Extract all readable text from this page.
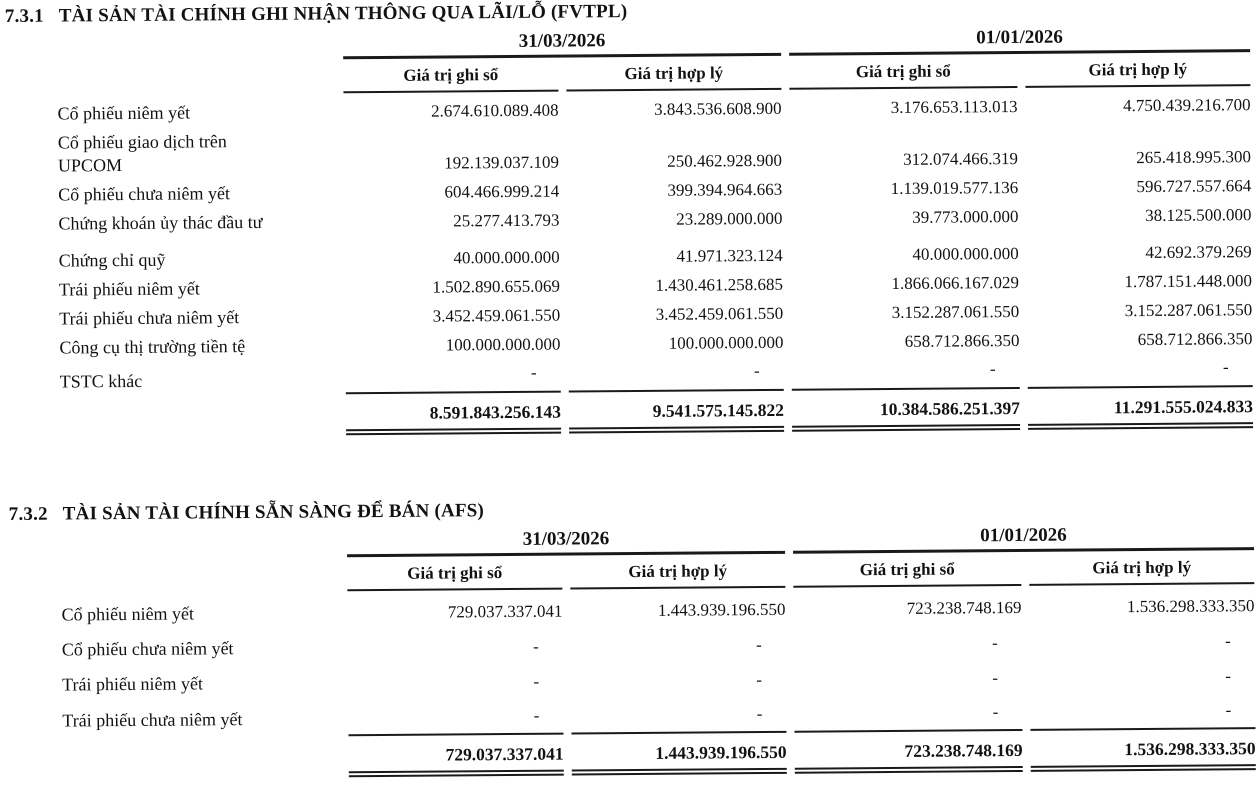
7.3.1 TÀI SẢN TÀI CHÍNH GHI NHẬN THÔNG QUA LÃI/LỖ (FVTPL)
31/03/2026	01/01/2026
Giá trị ghi sổ	Giá trị hợp lý	Giá trị ghi sổ	Giá trị hợp lý
Cổ phiếu niêm yết	2.674.610.089.408	3.843.536.608.900	3.176.653.113.013	4.750.439.216.700
Cổ phiếu giao dịch trên UPCOM	192.139.037.109	250.462.928.900	312.074.466.319	265.418.995.300
Cổ phiếu chưa niêm yết	604.466.999.214	399.394.964.663	1.139.019.577.136	596.727.557.664
Chứng khoán ủy thác đầu tư	25.277.413.793	23.289.000.000	39.773.000.000	38.125.500.000
Chứng chỉ quỹ	40.000.000.000	41.971.323.124	40.000.000.000	42.692.379.269
Trái phiếu niêm yết	1.502.890.655.069	1.430.461.258.685	1.866.066.167.029	1.787.151.448.000
Trái phiếu chưa niêm yết	3.452.459.061.550	3.452.459.061.550	3.152.287.061.550	3.152.287.061.550
Công cụ thị trường tiền tệ	100.000.000.000	100.000.000.000	658.712.866.350	658.712.866.350
TSTC khác	-	-	-	-
8.591.843.256.143	9.541.575.145.822	10.384.586.251.397	11.291.555.024.833
7.3.2 TÀI SẢN TÀI CHÍNH SẴN SÀNG ĐỂ BÁN (AFS)
31/03/2026	01/01/2026
Giá trị ghi sổ	Giá trị hợp lý	Giá trị ghi sổ	Giá trị hợp lý
Cổ phiếu niêm yết	729.037.337.041	1.443.939.196.550	723.238.748.169	1.536.298.333.350
Cổ phiếu chưa niêm yết	-	-	-	-
Trái phiếu niêm yết	-	-	-	-
Trái phiếu chưa niêm yết	-	-	-	-
729.037.337.041	1.443.939.196.550	723.238.748.169	1.536.298.333.350
